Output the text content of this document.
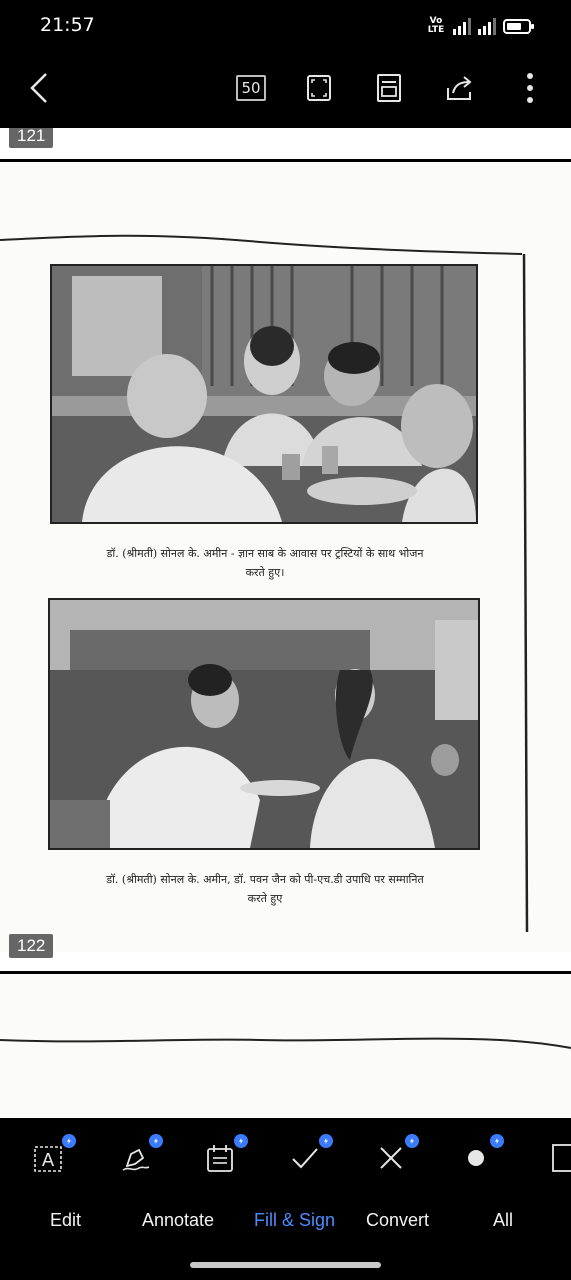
21:57	Vo
LTE
50
121
डॉ. (श्रीमती) सोनल के. अमीन - ज्ञान साब के आवास पर ट्रस्टियों के साथ भोजन
करते हुए।
डॉ. (श्रीमती) सोनल के. अमीन, डॉ. पवन जैन को पी-एच.डी उपाधि पर सम्मानित
करते हुए
122
A
Edit	Annotate Fill & Sign Convert	All
